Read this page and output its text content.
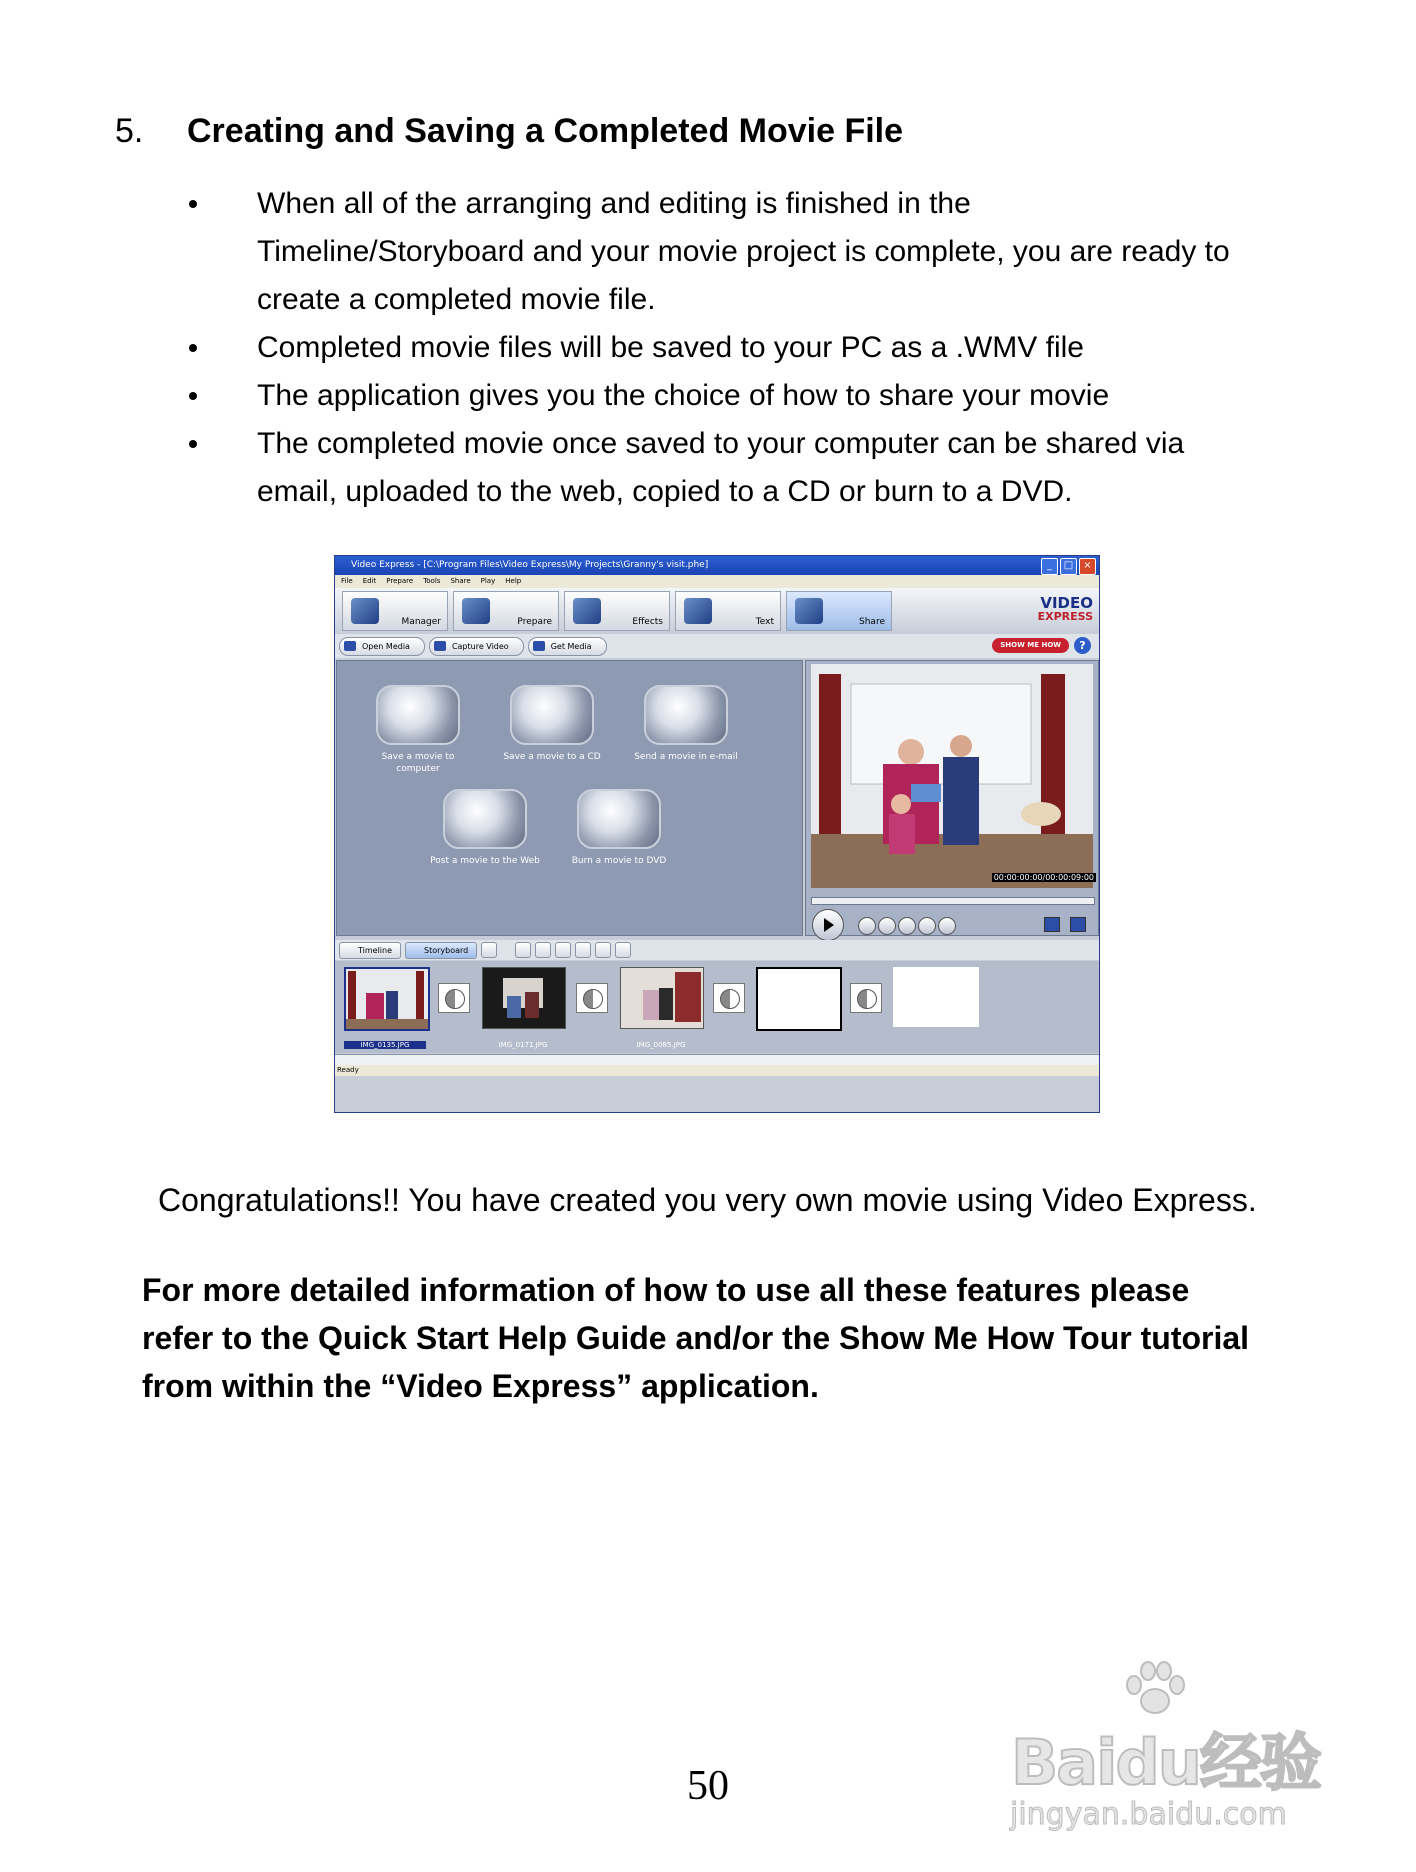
5. Creating and Saving a Completed Movie File
When all of the arranging and editing is finished in the Timeline/Storyboard and your movie project is complete, you are ready to create a completed movie file.
Completed movie files will be saved to your PC as a .WMV file
The application gives you the choice of how to share your movie
The completed movie once saved to your computer can be shared via email, uploaded to the web, copied to a CD or burn to a DVD.
Video Express - [C:\Program Files\Video Express\My Projects\Granny's visit.phe]	_	□	×
File Edit Prepare Tools Share Play Help
Manager	Prepare	Effects	Text	Share
VIDEO
EXPRESS
Open Media	Capture Video	Get Media	SHOW ME HOW	?
Save a movie to computer
Save a movie to a CD	Send a movie in e-mail
Post a movie to the Web	Burn a movie to DVD
00:00:00:00/00:00:09:00
Timeline	Storyboard
IMG_0135.JPG	IMG_0171.JPG	IMG_0085.JPG
Ready
Congratulations!! You have created you very own movie using Video Express.
For more detailed information of how to use all these features please refer to the Quick Start Help Guide and/or the Show Me How Tour tutorial from within the “Video Express” application.
50	Baidu经验
jingyan.baidu.com
